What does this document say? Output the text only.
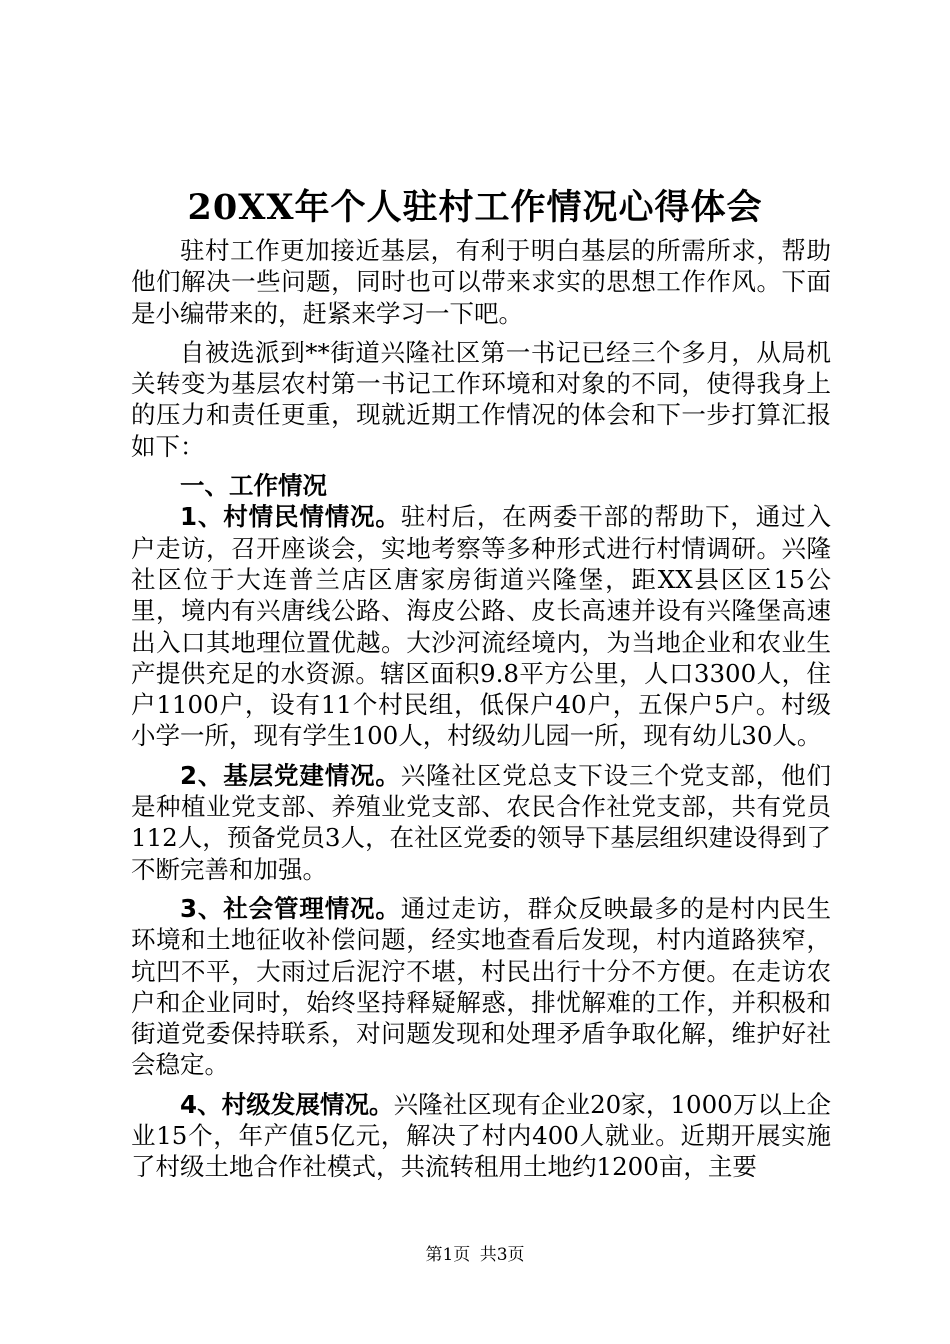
20XX年个人驻村工作情况心得体会

驻村工作更加接近基层，有利于明白基层的所需所求，帮助他们解决一些问题，同时也可以带来求实的思想工作作风。下面是小编带来的，赶紧来学习一下吧。

自被选派到**街道兴隆社区第一书记已经三个多月，从局机关转变为基层农村第一书记工作环境和对象的不同，使得我身上的压力和责任更重，现就近期工作情况的体会和下一步打算汇报如下：

一、工作情况

1、村情民情情况。驻村后，在两委干部的帮助下，通过入户走访，召开座谈会，实地考察等多种形式进行村情调研。兴隆社区位于大连普兰店区唐家房街道兴隆堡，距XX县区区15公里，境内有兴唐线公路、海皮公路、皮长高速并设有兴隆堡高速出入口其地理位置优越。大沙河流经境内，为当地企业和农业生产提供充足的水资源。辖区面积9.8平方公里，人口3300人，住户1100户，设有11个村民组，低保户40户，五保户5户。村级小学一所，现有学生100人，村级幼儿园一所，现有幼儿30人。

2、基层党建情况。兴隆社区党总支下设三个党支部，他们是种植业党支部、养殖业党支部、农民合作社党支部，共有党员112人，预备党员3人，在社区党委的领导下基层组织建设得到了不断完善和加强。

3、社会管理情况。通过走访，群众反映最多的是村内民生环境和土地征收补偿问题，经实地查看后发现，村内道路狭窄，坑凹不平，大雨过后泥泞不堪，村民出行十分不方便。在走访农户和企业同时，始终坚持释疑解惑，排忧解难的工作，并积极和街道党委保持联系，对问题发现和处理矛盾争取化解，维护好社会稳定。

4、村级发展情况。兴隆社区现有企业20家，1000万以上企业15个，年产值5亿元，解决了村内400人就业。近期开展实施了村级土地合作社模式，共流转租用土地约1200亩，主要

第1页 共3页
